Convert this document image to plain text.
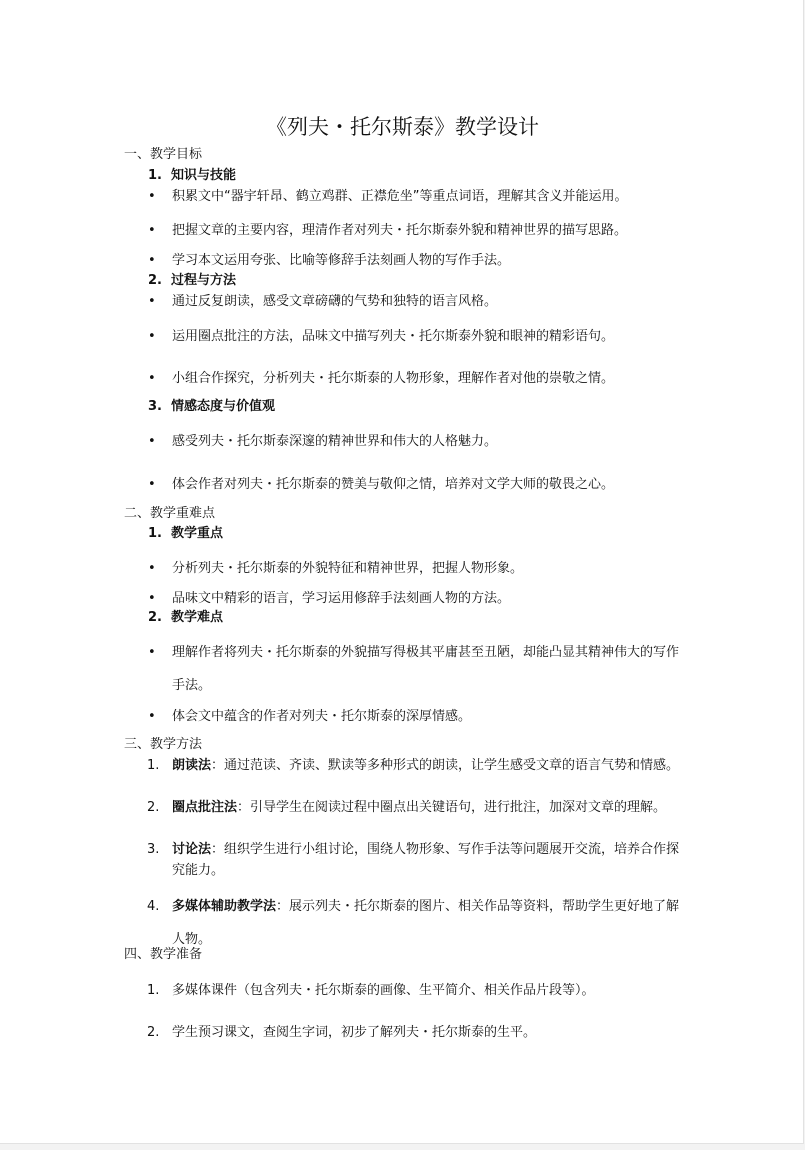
《列夫・托尔斯泰》教学设计
一、教学目标
1. 知识与技能
•	积累文中“器宇轩昂、鹤立鸡群、正襟危坐”等重点词语，理解其含义并能运用。
•	把握文章的主要内容，理清作者对列夫・托尔斯泰外貌和精神世界的描写思路。
•	学习本文运用夸张、比喻等修辞手法刻画人物的写作手法。
2. 过程与方法
•	通过反复朗读，感受文章磅礴的气势和独特的语言风格。
•	运用圈点批注的方法，品味文中描写列夫・托尔斯泰外貌和眼神的精彩语句。
•	小组合作探究，分析列夫・托尔斯泰的人物形象，理解作者对他的崇敬之情。
3. 情感态度与价值观
•	感受列夫・托尔斯泰深邃的精神世界和伟大的人格魅力。
•	体会作者对列夫・托尔斯泰的赞美与敬仰之情，培养对文学大师的敬畏之心。
二、教学重难点
1. 教学重点
•	分析列夫・托尔斯泰的外貌特征和精神世界，把握人物形象。
•	品味文中精彩的语言，学习运用修辞手法刻画人物的方法。
2. 教学难点
•	理解作者将列夫・托尔斯泰的外貌描写得极其平庸甚至丑陋，却能凸显其精神伟大的写作手法。
•	体会文中蕴含的作者对列夫・托尔斯泰的深厚情感。
三、教学方法
1. 朗读法：通过范读、齐读、默读等多种形式的朗读，让学生感受文章的语言气势和情感。
2. 圈点批注法：引导学生在阅读过程中圈点出关键语句，进行批注，加深对文章的理解。
3. 讨论法：组织学生进行小组讨论，围绕人物形象、写作手法等问题展开交流，培养合作探究能力。
4. 多媒体辅助教学法：展示列夫・托尔斯泰的图片、相关作品等资料，帮助学生更好地了解人物。
四、教学准备
1. 多媒体课件（包含列夫・托尔斯泰的画像、生平简介、相关作品片段等）。
2. 学生预习课文，查阅生字词，初步了解列夫・托尔斯泰的生平。
